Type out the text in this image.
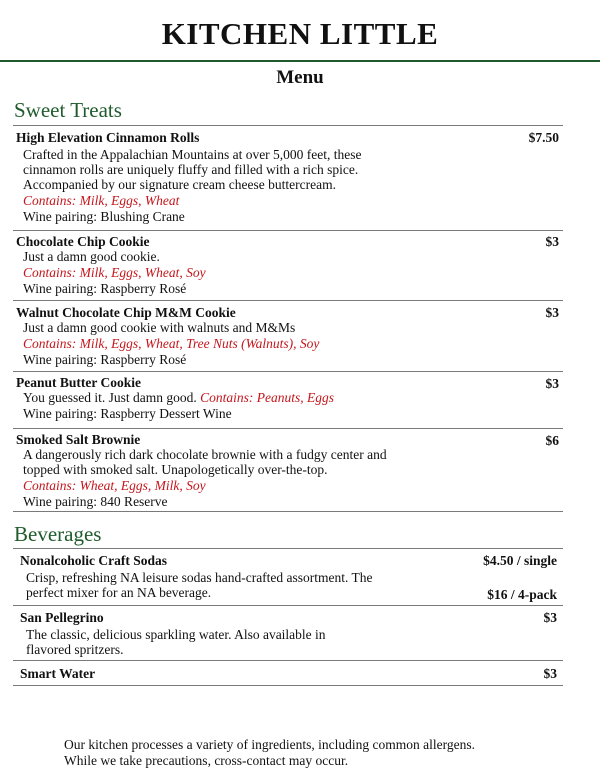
KITCHEN LITTLE
Menu
Sweet Treats
High Elevation Cinnamon Rolls	$7.50
Crafted in the Appalachian Mountains at over 5,000 feet, these
cinnamon rolls are uniquely fluffy and filled with a rich spice.
Accompanied by our signature cream cheese buttercream.
Contains: Milk, Eggs, Wheat
Wine pairing: Blushing Crane
Chocolate Chip Cookie	$3
Just a damn good cookie.
Contains: Milk, Eggs, Wheat, Soy
Wine pairing: Raspberry Rosé
Walnut Chocolate Chip M&M Cookie	$3
Just a damn good cookie with walnuts and M&Ms
Contains: Milk, Eggs, Wheat, Tree Nuts (Walnuts), Soy
Wine pairing: Raspberry Rosé
Peanut Butter Cookie	$3
You guessed it. Just damn good. Contains: Peanuts, Eggs
Wine pairing: Raspberry Dessert Wine
Smoked Salt Brownie	$6
A dangerously rich dark chocolate brownie with a fudgy center and
topped with smoked salt. Unapologetically over-the-top.
Contains: Wheat, Eggs, Milk, Soy
Wine pairing: 840 Reserve
Beverages
Nonalcoholic Craft Sodas	$4.50 / single
Crisp, refreshing NA leisure sodas hand-crafted assortment. The
perfect mixer for an NA beverage.	$16 / 4-pack
San Pellegrino	$3
The classic, delicious sparkling water. Also available in
flavored spritzers.
Smart Water	$3
Our kitchen processes a variety of ingredients, including common allergens.
While we take precautions, cross-contact may occur.
